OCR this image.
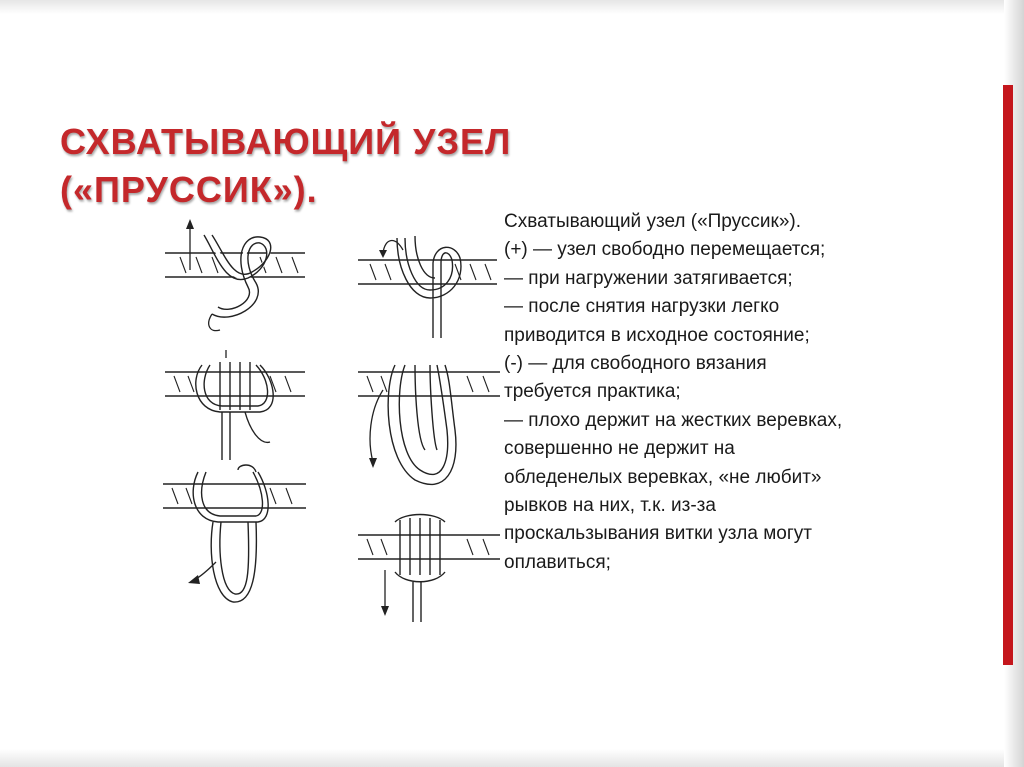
СХВАТЫВАЮЩИЙ УЗЕЛ
(«ПРУССИК»).
Схватывающий узел («Пруссик»).
(+) — узел свободно перемещается;
— при нагружении затягивается;
— после снятия нагрузки легко
приводится в исходное состояние;
(-) — для свободного вязания
требуется практика;
— плохо держит на жестких веревках,
совершенно не держит на
обледенелых веревках, «не любит»
рывков на них, т.к. из-за
проскальзывания витки узла могут
оплавиться;
